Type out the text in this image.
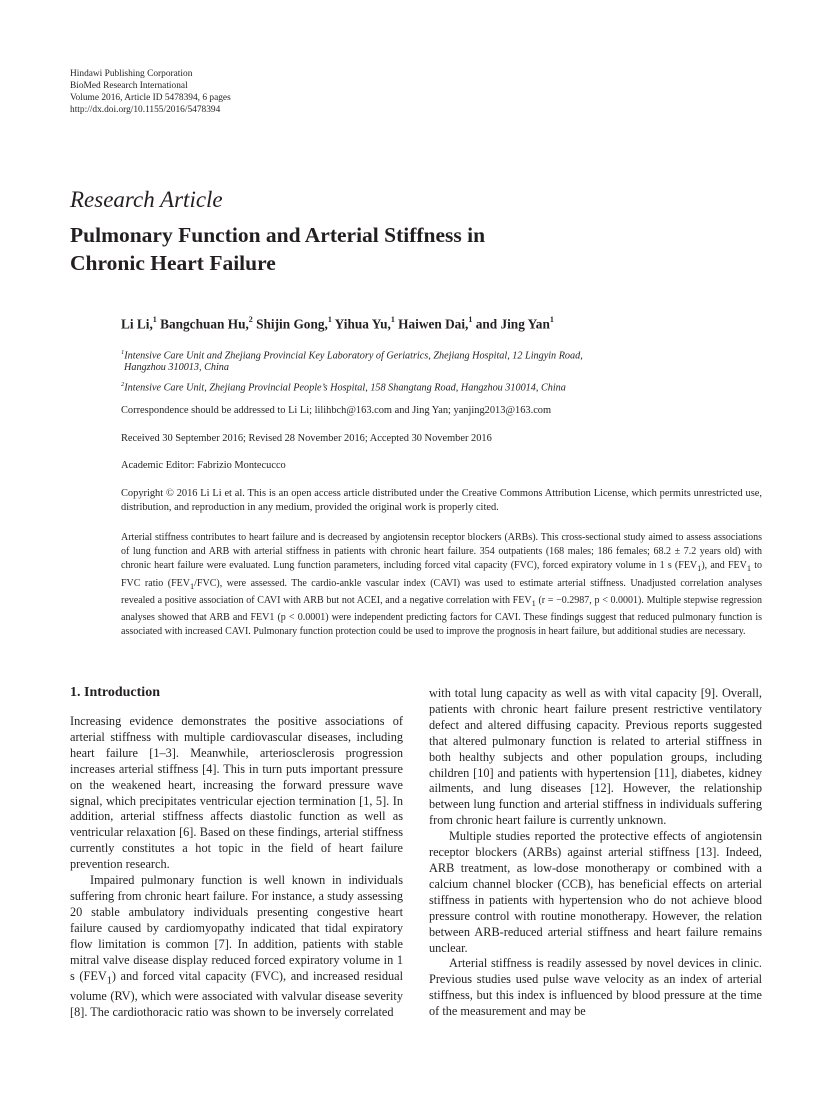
Hindawi Publishing Corporation
BioMed Research International
Volume 2016, Article ID 5478394, 6 pages
http://dx.doi.org/10.1155/2016/5478394
Research Article
Pulmonary Function and Arterial Stiffness in
Chronic Heart Failure
Li Li,$^1$ Bangchuan Hu,$^2$ Shijin Gong,$^1$ Yihua Yu,$^1$ Haiwen Dai,$^1$ and Jing Yan$^1$
$^1$Intensive Care Unit and Zhejiang Provincial Key Laboratory of Geriatrics, Zhejiang Hospital, 12 Lingyin Road,
Hangzhou 310013, China
$^2$Intensive Care Unit, Zhejiang Provincial People’s Hospital, 158 Shangtang Road, Hangzhou 310014, China
Correspondence should be addressed to Li Li; lilihbch@163.com and Jing Yan; yanjing2013@163.com
Received 30 September 2016; Revised 28 November 2016; Accepted 30 November 2016
Academic Editor: Fabrizio Montecucco
Copyright © 2016 Li Li et al. This is an open access article distributed under the Creative Commons Attribution License, which permits unrestricted use, distribution, and reproduction in any medium, provided the original work is properly cited.
Arterial stiffness contributes to heart failure and is decreased by angiotensin receptor blockers (ARBs). This cross-sectional study aimed to assess associations of lung function and ARB with arterial stiffness in patients with chronic heart failure. 354 outpatients (168 males; 186 females; 68.2 ± 7.2 years old) with chronic heart failure were evaluated. Lung function parameters, including forced vital capacity (FVC), forced expiratory volume in 1 s $(FEV_1)$, and $FEV_1$ to FVC ratio $(FEV_1/FVC)$, were assessed. The cardio-ankle vascular index (CAVI) was used to estimate arterial stiffness. Unadjusted correlation analyses revealed a positive association of CAVI with ARB but not ACEI, and a negative correlation with $FEV_1$ (r = −0.2987, p < 0.0001). Multiple stepwise regression analyses showed that ARB and FEV1 (p < 0.0001) were independent predicting factors for CAVI. These findings suggest that reduced pulmonary function is associated with increased CAVI. Pulmonary function protection could be used to improve the prognosis in heart failure, but additional studies are necessary.
1. Introduction

Increasing evidence demonstrates the positive associations of arterial stiffness with multiple cardiovascular diseases, including heart failure [1–3]. Meanwhile, arteriosclerosis progression increases arterial stiffness [4]. This in turn puts important pressure on the weakened heart, increasing the forward pressure wave signal, which precipitates ventricular ejection termination [1, 5]. In addition, arterial stiffness affects diastolic function as well as ventricular relaxation [6]. Based on these findings, arterial stiffness currently constitutes a hot topic in the field of heart failure prevention research.

Impaired pulmonary function is well known in individuals suffering from chronic heart failure. For instance, a study assessing 20 stable ambulatory individuals presenting congestive heart failure caused by cardiomyopathy indicated that tidal expiratory flow limitation is common [7]. In addition, patients with stable mitral valve disease display reduced forced expiratory volume in 1 s $(FEV_1)$ and forced vital capacity (FVC), and increased residual volume (RV), which were associated with valvular disease severity [8]. The cardiothoracic ratio was shown to be inversely correlated

with total lung capacity as well as with vital capacity [9]. Overall, patients with chronic heart failure present restrictive ventilatory defect and altered diffusing capacity. Previous reports suggested that altered pulmonary function is related to arterial stiffness in both healthy subjects and other population groups, including children [10] and patients with hypertension [11], diabetes, kidney ailments, and lung diseases [12]. However, the relationship between lung function and arterial stiffness in individuals suffering from chronic heart failure is currently unknown.

Multiple studies reported the protective effects of angiotensin receptor blockers (ARBs) against arterial stiffness [13]. Indeed, ARB treatment, as low-dose monotherapy or combined with a calcium channel blocker (CCB), has beneficial effects on arterial stiffness in patients with hypertension who do not achieve blood pressure control with routine monotherapy. However, the relation between ARB-reduced arterial stiffness and heart failure remains unclear.

Arterial stiffness is readily assessed by novel devices in clinic. Previous studies used pulse wave velocity as an index of arterial stiffness, but this index is influenced by blood pressure at the time of the measurement and may be
